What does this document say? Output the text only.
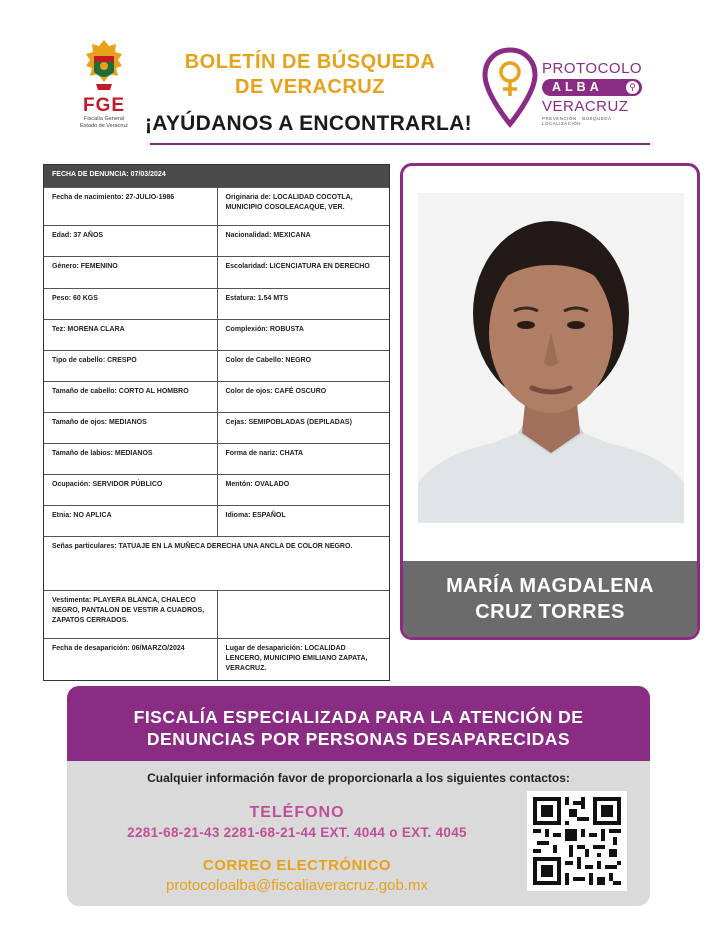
FGE
Fiscalía General
Estado de Veracruz
BOLETÍN DE BÚSQUEDA
DE VERACRUZ
¡AYÚDANOS A ENCONTRARLA!
PROTOCOLO
ALBA	⚲
VERACRUZ
PREVENCIÓN · BÚSQUEDA · LOCALIZACIÓN
FECHA DE DENUNCIA: 07/03/2024
Fecha de nacimiento: 27-JULIO-1986	Originaria de: LOCALIDAD COCOTLA, MUNICIPIO COSOLEACAQUE, VER.
Edad: 37 AÑOS	Nacionalidad: MEXICANA
Género: FEMENINO	Escolaridad: LICENCIATURA EN DERECHO
Peso: 60 KGS	Estatura: 1.54 MTS
Tez: MORENA CLARA	Complexión: ROBUSTA
Tipo de cabello: CRESPO	Color de Cabello: NEGRO
Tamaño de cabello: CORTO AL HOMBRO	Color de ojos: CAFÉ OSCURO
Tamaño de ojos: MEDIANOS	Cejas: SEMIPOBLADAS (DEPILADAS)
Tamaño de labios: MEDIANOS	Forma de nariz: CHATA
Ocupación: SERVIDOR PÚBLICO	Mentón: OVALADO
Etnia: NO APLICA	Idioma: ESPAÑOL
Señas particulares: TATUAJE EN LA MUÑECA DERECHA UNA ANCLA DE COLOR NEGRO.
Vestimenta: PLAYERA BLANCA, CHALECO NEGRO, PANTALON DE VESTIR A CUADROS, ZAPATOS CERRADOS.
Fecha de desaparición: 06/MARZO/2024	Lugar de desaparición: LOCALIDAD LENCERO, MUNICIPIO EMILIANO ZAPATA, VERACRUZ.
MARÍA MAGDALENA
CRUZ TORRES
FISCALÍA ESPECIALIZADA PARA LA ATENCIÓN DE
DENUNCIAS POR PERSONAS DESAPARECIDAS
Cualquier información favor de proporcionarla a los siguientes contactos:
TELÉFONO
2281-68-21-43 2281-68-21-44 EXT. 4044 o EXT. 4045
CORREO ELECTRÓNICO
protocoloalba@fiscaliaveracruz.gob.mx
